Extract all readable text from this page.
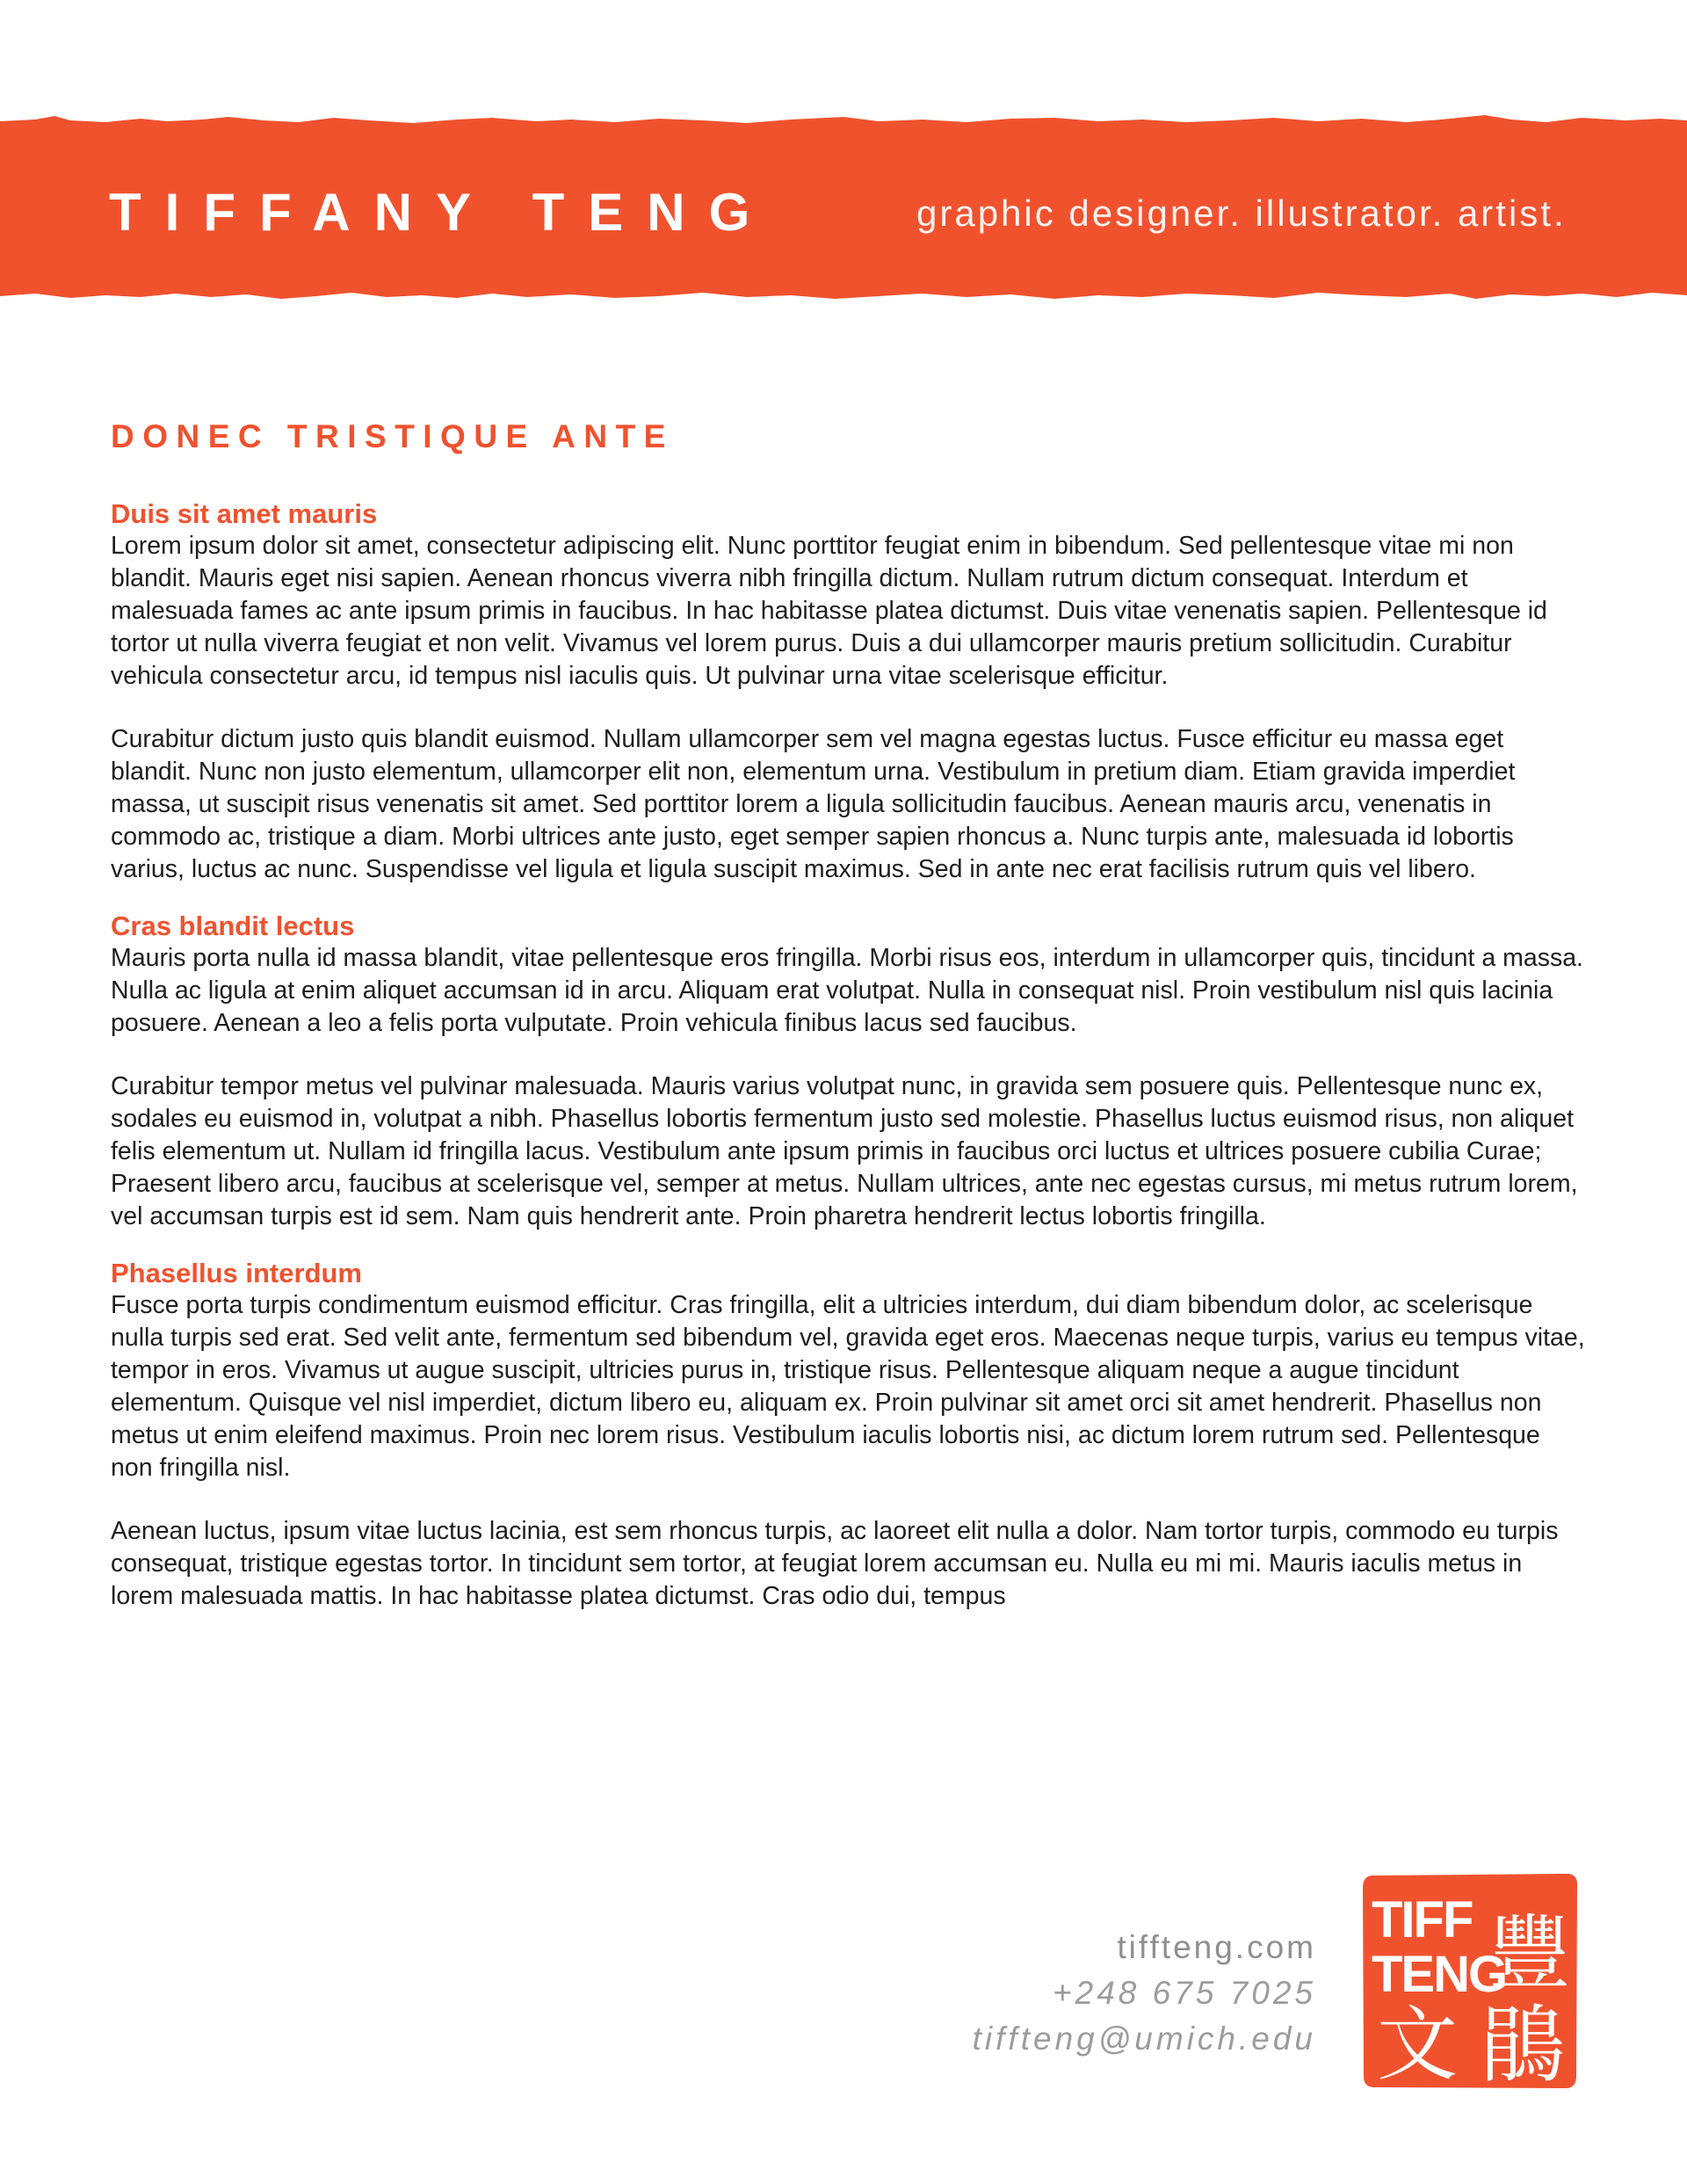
TIFFANY TENG	graphic designer. illustrator. artist.
DONEC TRISTIQUE ANTE
Duis sit amet mauris

Lorem ipsum dolor sit amet, consectetur adipiscing elit. Nunc porttitor feugiat enim in bibendum. Sed pellentesque vitae mi non blandit. Mauris eget nisi sapien. Aenean rhoncus viverra nibh fringilla dictum. Nullam rutrum dictum consequat. Interdum et malesuada fames ac ante ipsum primis in faucibus. In hac habitasse platea dictumst. Duis vitae venenatis sapien. Pellentesque id tortor ut nulla viverra feugiat et non velit. Vivamus vel lorem purus. Duis a dui ullamcorper mauris pretium sollicitudin. Curabitur vehicula consectetur arcu, id tempus nisl iaculis quis. Ut pulvinar urna vitae scelerisque efficitur.

Curabitur dictum justo quis blandit euismod. Nullam ullamcorper sem vel magna egestas luctus. Fusce efficitur eu massa eget blandit. Nunc non justo elementum, ullamcorper elit non, elementum urna. Vestibulum in pretium diam. Etiam gravida imperdiet massa, ut suscipit risus venenatis sit amet. Sed porttitor lorem a ligula sollicitudin faucibus. Aenean mauris arcu, venenatis in commodo ac, tristique a diam. Morbi ultrices ante justo, eget semper sapien rhoncus a. Nunc turpis ante, malesuada id lobortis varius, luctus ac nunc. Suspendisse vel ligula et ligula suscipit maximus. Sed in ante nec erat facilisis rutrum quis vel libero.

Cras blandit lectus

Mauris porta nulla id massa blandit, vitae pellentesque eros fringilla. Morbi risus eos, interdum in ullamcorper quis, tincidunt a massa. Nulla ac ligula at enim aliquet accumsan id in arcu. Aliquam erat volutpat. Nulla in consequat nisl. Proin vestibulum nisl quis lacinia posuere. Aenean a leo a felis porta vulputate. Proin vehicula finibus lacus sed faucibus.

Curabitur tempor metus vel pulvinar malesuada. Mauris varius volutpat nunc, in gravida sem posuere quis. Pellentesque nunc ex, sodales eu euismod in, volutpat a nibh. Phasellus lobortis fermentum justo sed molestie. Phasellus luctus euismod risus, non aliquet felis elementum ut. Nullam id fringilla lacus. Vestibulum ante ipsum primis in faucibus orci luctus et ultrices posuere cubilia Curae; Praesent libero arcu, faucibus at scelerisque vel, semper at metus. Nullam ultrices, ante nec egestas cursus, mi metus rutrum lorem, vel accumsan turpis est id sem. Nam quis hendrerit ante. Proin pharetra hendrerit lectus lobortis fringilla.

Phasellus interdum

Fusce porta turpis condimentum euismod efficitur. Cras fringilla, elit a ultricies interdum, dui diam bibendum dolor, ac scelerisque nulla turpis sed erat. Sed velit ante, fermentum sed bibendum vel, gravida eget eros. Maecenas neque turpis, varius eu tempus vitae, tempor in eros. Vivamus ut augue suscipit, ultricies purus in, tristique risus. Pellentesque aliquam neque a augue tincidunt elementum. Quisque vel nisl imperdiet, dictum libero eu, aliquam ex. Proin pulvinar sit amet orci sit amet hendrerit. Phasellus non metus ut enim eleifend maximus. Proin nec lorem risus. Vestibulum iaculis lobortis nisi, ac dictum lorem rutrum sed. Pellentesque non fringilla nisl.

Aenean luctus, ipsum vitae luctus lacinia, est sem rhoncus turpis, ac laoreet elit nulla a dolor. Nam tortor turpis, commodo eu turpis consequat, tristique egestas tortor. In tincidunt sem tortor, at feugiat lorem accumsan eu. Nulla eu mi mi. Mauris iaculis metus in lorem malesuada mattis. In hac habitasse platea dictumst. Cras odio dui, tempus

tiffteng.com
+248 675 7025
tiffteng@umich.edu
TIFF
TENG
豐
文 鵑
